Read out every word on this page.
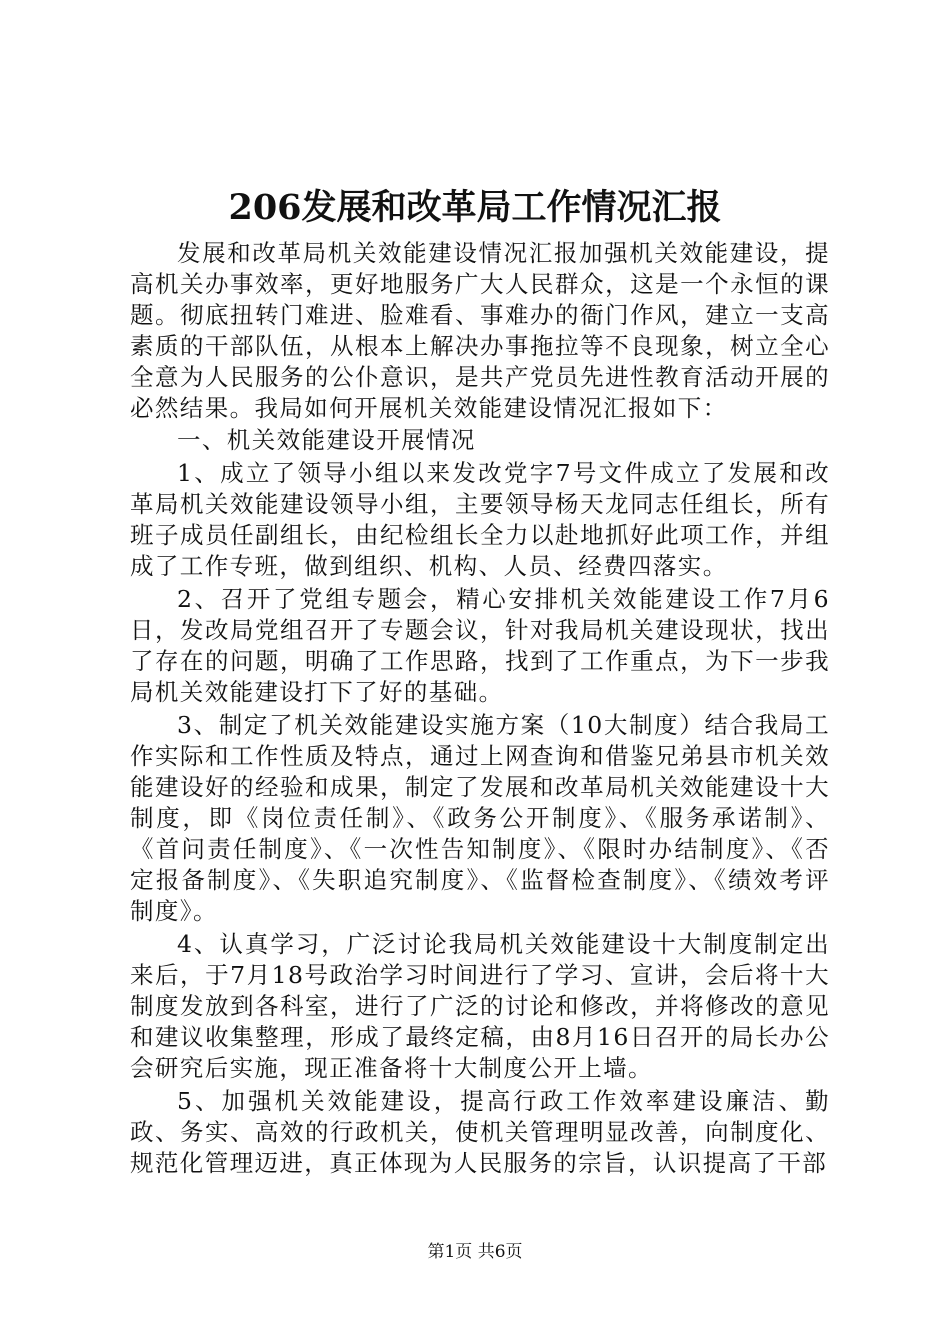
206发展和改革局工作情况汇报

发展和改革局机关效能建设情况汇报加强机关效能建设，提高机关办事效率，更好地服务广大人民群众，这是一个永恒的课题。彻底扭转门难进、脸难看、事难办的衙门作风，建立一支高素质的干部队伍，从根本上解决办事拖拉等不良现象，树立全心全意为人民服务的公仆意识，是共产党员先进性教育活动开展的必然结果。我局如何开展机关效能建设情况汇报如下：

一、机关效能建设开展情况

1、成立了领导小组以来发改党字7号文件成立了发展和改革局机关效能建设领导小组，主要领导杨天龙同志任组长，所有班子成员任副组长，由纪检组长全力以赴地抓好此项工作，并组成了工作专班，做到组织、机构、人员、经费四落实。

2、召开了党组专题会，精心安排机关效能建设工作7月6日，发改局党组召开了专题会议，针对我局机关建设现状，找出了存在的问题，明确了工作思路，找到了工作重点，为下一步我局机关效能建设打下了好的基础。

3、制定了机关效能建设实施方案（10大制度）结合我局工作实际和工作性质及特点，通过上网查询和借鉴兄弟县市机关效能建设好的经验和成果，制定了发展和改革局机关效能建设十大制度，即《岗位责任制》、《政务公开制度》、《服务承诺制》、《首问责任制度》、《一次性告知制度》、《限时办结制度》、《否定报备制度》、《失职追究制度》、《监督检查制度》、《绩效考评制度》。

4、认真学习，广泛讨论我局机关效能建设十大制度制定出来后，于7月18号政治学习时间进行了学习、宣讲，会后将十大制度发放到各科室，进行了广泛的讨论和修改，并将修改的意见和建议收集整理，形成了最终定稿，由8月16日召开的局长办公会研究后实施，现正准备将十大制度公开上墙。

5、加强机关效能建设，提高行政工作效率建设廉洁、勤政、务实、高效的行政机关，使机关管理明显改善，向制度化、规范化管理迈进，真正体现为人民服务的宗旨，认识提高了干部

第1页 共6页
